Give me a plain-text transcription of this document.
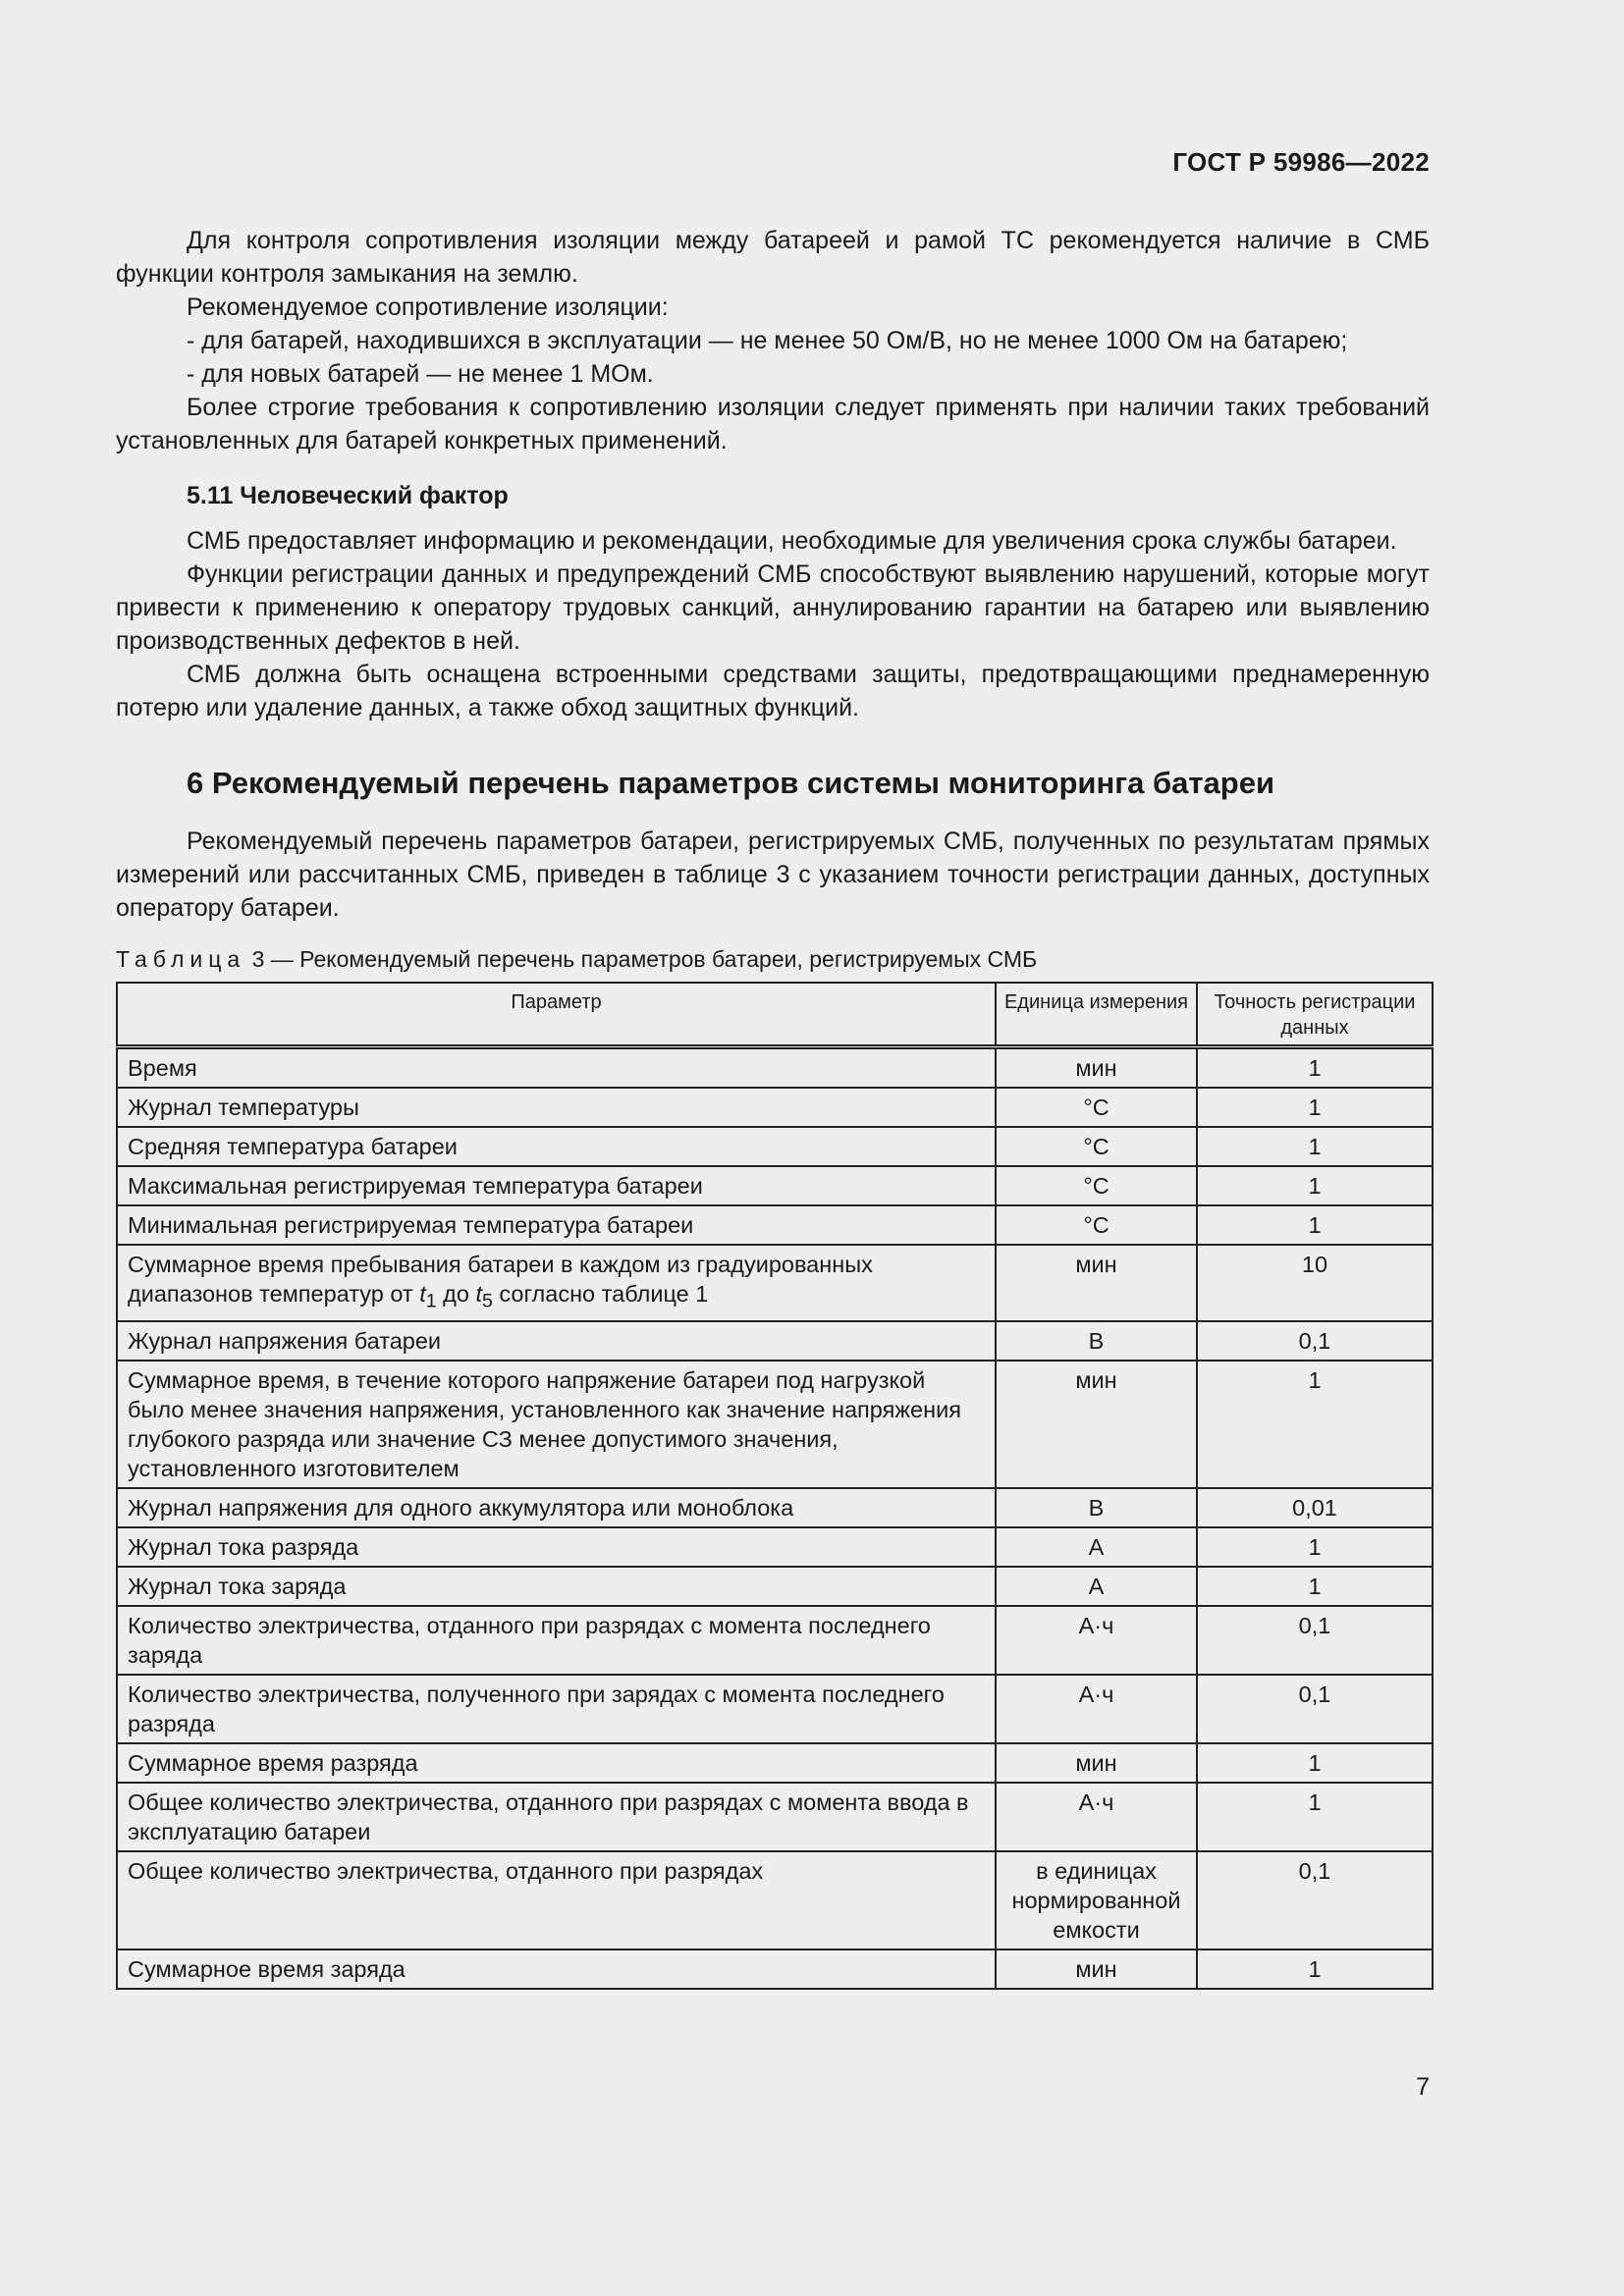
ГОСТ Р 59986—2022

Для контроля сопротивления изоляции между батареей и рамой ТС рекомендуется наличие в СМБ функции контроля замыкания на землю.

Рекомендуемое сопротивление изоляции:

- для батарей, находившихся в эксплуатации — не менее 50 Ом/В, но не менее 1000 Ом на батарею;

- для новых батарей — не менее 1 МОм.

Более строгие требования к сопротивлению изоляции следует применять при наличии таких требований установленных для батарей конкретных применений.

5.11 Человеческий фактор

СМБ предоставляет информацию и рекомендации, необходимые для увеличения срока службы батареи.

Функции регистрации данных и предупреждений СМБ способствуют выявлению нарушений, которые могут привести к применению к оператору трудовых санкций, аннулированию гарантии на батарею или выявлению производственных дефектов в ней.

СМБ должна быть оснащена встроенными средствами защиты, предотвращающими преднамеренную потерю или удаление данных, а также обход защитных функций.

6 Рекомендуемый перечень параметров системы мониторинга батареи

Рекомендуемый перечень параметров батареи, регистрируемых СМБ, полученных по результатам прямых измерений или рассчитанных СМБ, приведен в таблице 3 с указанием точности регистрации данных, доступных оператору батареи.

Таблица 3 — Рекомендуемый перечень параметров батареи, регистрируемых СМБ
Параметр	Единица измерения	Точность регистрации данных
Время	мин	1
Журнал температуры	°С	1
Средняя температура батареи	°С	1
Максимальная регистрируемая температура батареи	°С	1
Минимальная регистрируемая температура батареи	°С	1
Суммарное время пребывания батареи в каждом из градуированных диапазонов температур от $t_1$ до $t_5$ согласно таблице 1	мин	10
Журнал напряжения батареи	В	0,1
Суммарное время, в течение которого напряжение батареи под нагрузкой было менее значения напряжения, установленного как значение напряжения глубокого разряда или значение СЗ менее допустимого значения, установленного изготовителем	мин	1
Журнал напряжения для одного аккумулятора или моноблока	В	0,01
Журнал тока разряда	А	1
Журнал тока заряда	А	1
Количество электричества, отданного при разрядах с момента последнего заряда	А·ч	0,1
Количество электричества, полученного при зарядах с момента последнего разряда	А·ч	0,1
Суммарное время разряда	мин	1
Общее количество электричества, отданного при разрядах с момента ввода в эксплуатацию батареи	А·ч	1
Общее количество электричества, отданного при разрядах	в единицах нормированной емкости	0,1
Суммарное время заряда	мин	1
7
